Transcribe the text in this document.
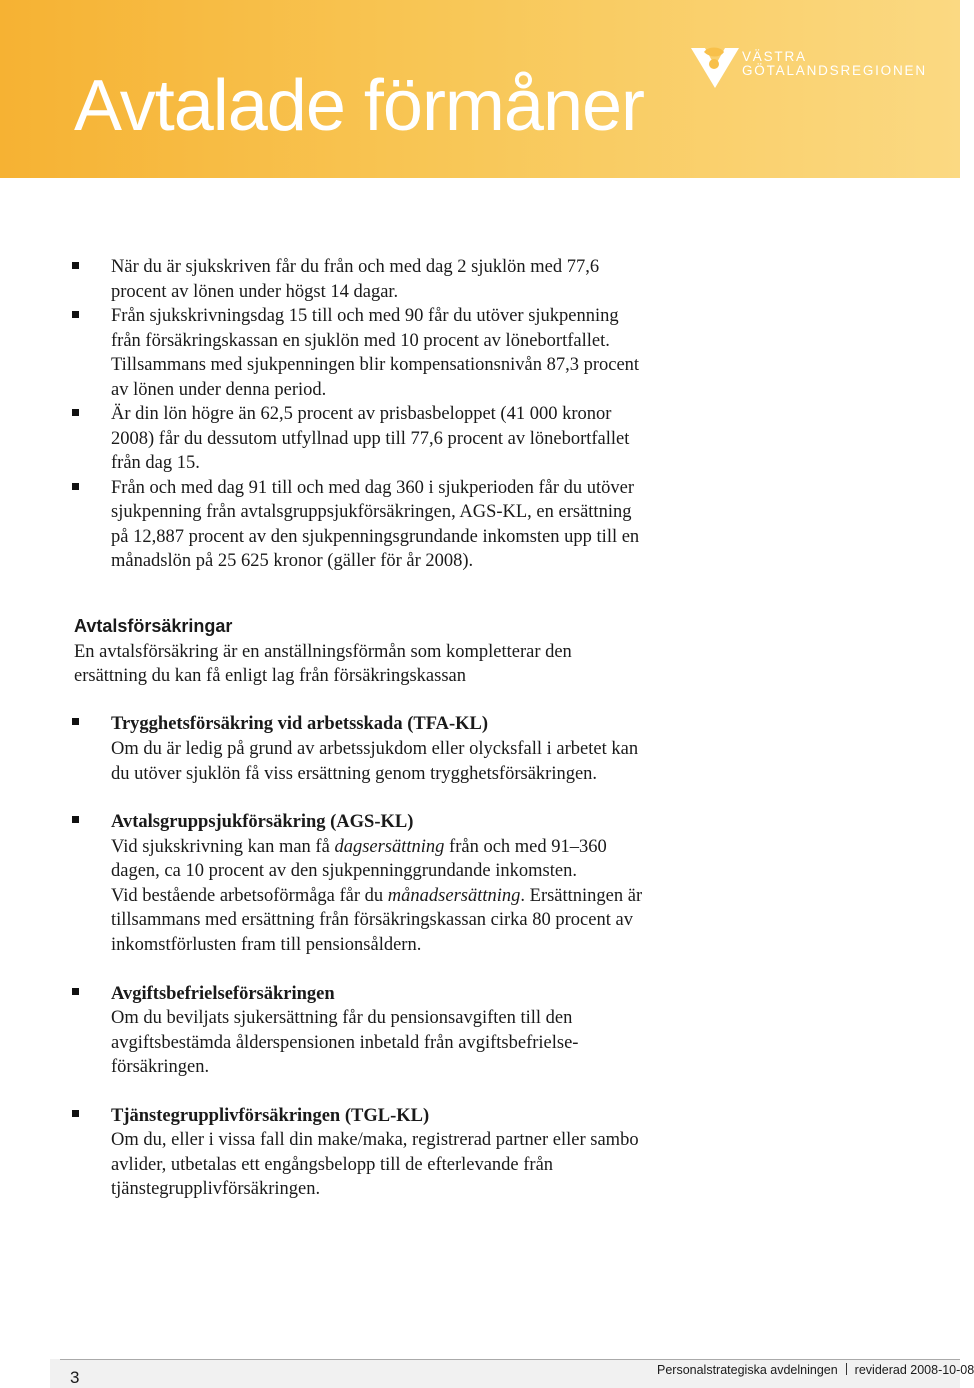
Avtalade förmåner
VÄSTRA
GÖTALANDSREGIONEN
När du är sjukskriven får du från och med dag 2 sjuklön med 77,6
procent av lönen under högst 14 dagar.
Från sjukskrivningsdag 15 till och med 90 får du utöver sjukpenning
från försäkringskassan en sjuklön med 10 procent av lönebortfallet.
Tillsammans med sjukpenningen blir kompensationsnivån 87,3 procent
av lönen under denna period.
Är din lön högre än 62,5 procent av prisbasbeloppet (41 000 kronor
2008) får du dessutom utfyllnad upp till 77,6 procent av lönebortfallet
från dag 15.
Från och med dag 91 till och med dag 360 i sjukperioden får du utöver
sjukpenning från avtalsgruppsjukförsäkringen, AGS-KL, en ersättning
på 12,887 procent av den sjukpenningsgrundande inkomsten upp till en
månadslön på 25 625 kronor (gäller för år 2008).
Avtalsförsäkringar
En avtalsförsäkring är en anställningsförmån som kompletterar den
ersättning du kan få enligt lag från försäkringskassan
Trygghetsförsäkring vid arbetsskada (TFA-KL)
Om du är ledig på grund av arbetssjukdom eller olycksfall i arbetet kan
du utöver sjuklön få viss ersättning genom trygghetsförsäkringen.
Avtalsgruppsjukförsäkring (AGS-KL)
Vid sjukskrivning kan man få dagsersättning från och med 91–360
dagen, ca 10 procent av den sjukpenninggrundande inkomsten.
Vid bestående arbetsoförmåga får du månadsersättning. Ersättningen är
tillsammans med ersättning från försäkringskassan cirka 80 procent av
inkomstförlusten fram till pensionsåldern.
Avgiftsbefrielseförsäkringen
Om du beviljats sjukersättning får du pensionsavgiften till den
avgiftsbestämda ålderspensionen inbetald från avgiftsbefrielse-
försäkringen.
Tjänstegrupplivförsäkringen (TGL-KL)
Om du, eller i vissa fall din make/maka, registrerad partner eller sambo
avlider, utbetalas ett engångsbelopp till de efterlevande från
tjänstegrupplivförsäkringen.
3	Personalstrategiska avdelningen reviderad 2008-10-08
